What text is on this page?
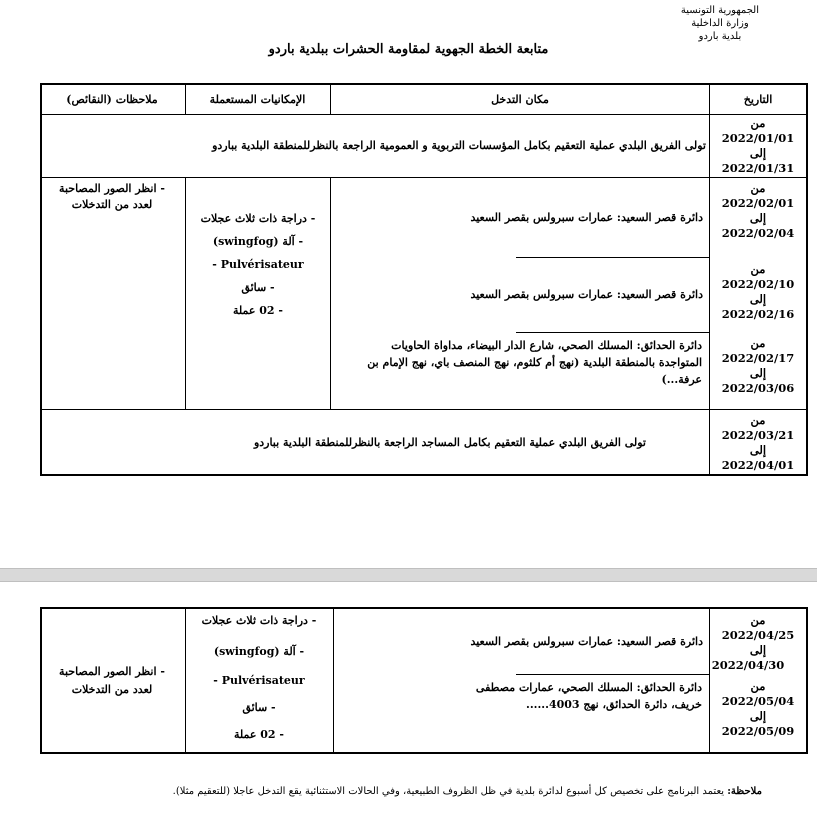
الجمهورية التونسية
وزارة الداخلية
بلدية باردو
متابعة الخطة الجهوية لمقاومة الحشرات ببلدية باردو
التاريخ
مكان التدخل
الإمكانيات المستعملة
ملاحظات (النقائص)
من
2022/01/01
إلى
2022/01/31
تولى الفريق البلدي عملية التعقيم بكامل المؤسسات التربوية و العمومية الراجعة بالنظرللمنطقة البلدية بباردو
من
2022/02/01
إلى
2022/02/04
دائرة قصر السعيد: عمارات سبرولس بقصر السعيد
من
2022/02/10
إلى
2022/02/16
دائرة قصر السعيد: عمارات سبرولس بقصر السعيد
من
2022/02/17
إلى
2022/03/06
دائرة الحدائق: المسلك الصحي، شارع الدار البيضاء، مداواة الحاويات المتواجدة بالمنطقة البلدية (نهج أم كلثوم، نهج المنصف باي، نهج الإمام بن عرفة...)
- دراجة ذات ثلاث عجلات
- آلة (swingfog)
Pulvérisateur -
- سائق
- 02 عملة
- انظر الصور المصاحبة
لعدد من التدخلات
من
2022/03/21
إلى
2022/04/01
تولى الفريق البلدي عملية التعقيم بكامل المساجد الراجعة بالنظرللمنطقة البلدية بباردو
من
2022/04/25
إلى
2022/04/30
دائرة قصر السعيد: عمارات سبرولس بقصر السعيد
من
2022/05/04
إلى
2022/05/09
دائرة الحدائق: المسلك الصحي، عمارات مصطفى خريف، دائرة الحدائق، نهج 4003......
- دراجة ذات ثلاث عجلات
- آلة (swingfog)
Pulvérisateur -
- سائق
- 02 عملة
- انظر الصور المصاحبة
لعدد من التدخلات
ملاحظة: يعتمد البرنامج على تخصيص كل أسبوع لدائرة بلدية في ظل الظروف الطبيعية، وفي الحالات الاستثنائية يقع التدخل عاجلا (للتعقيم مثلا).
